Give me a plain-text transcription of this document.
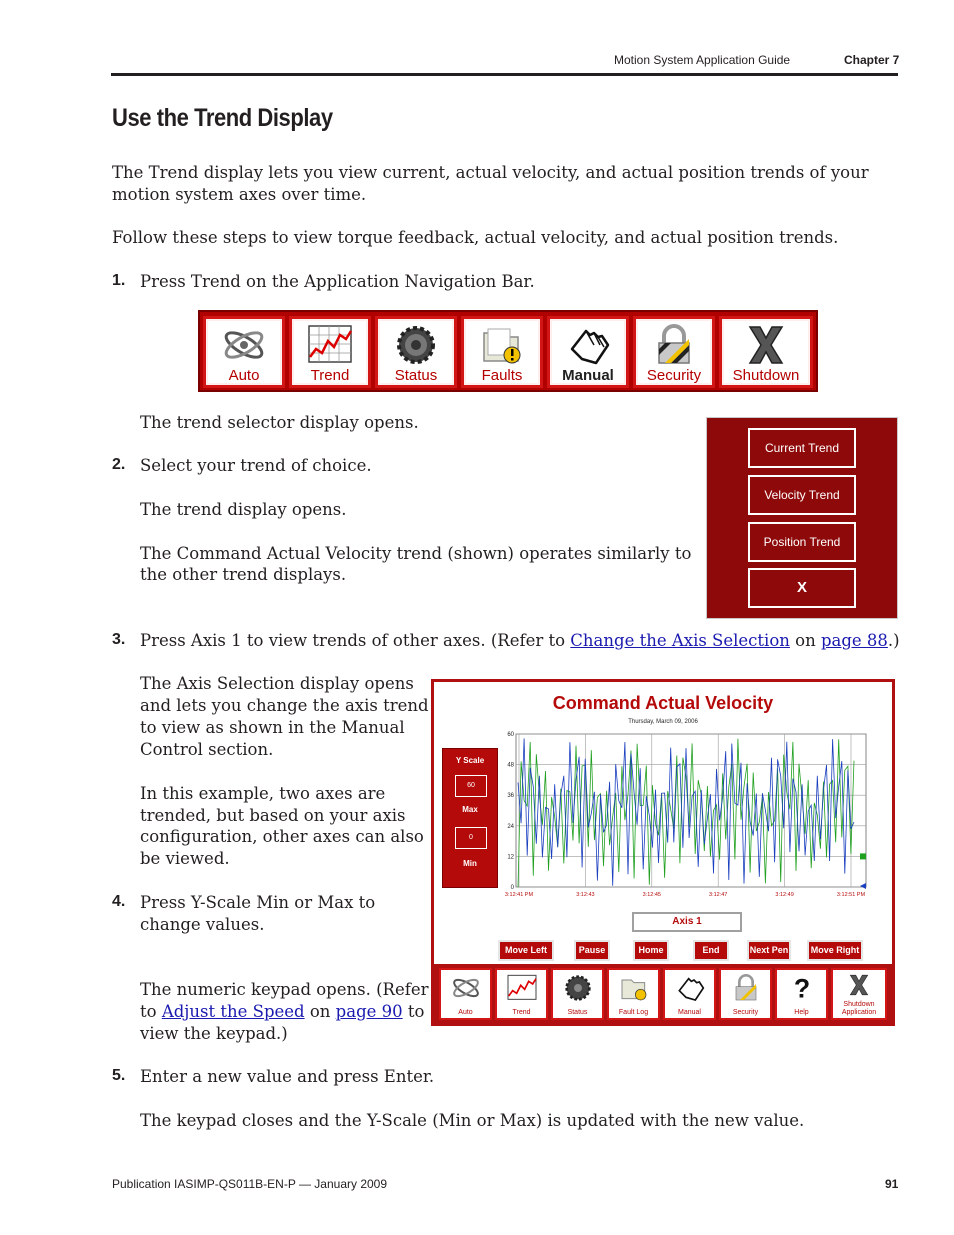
Motion System Application Guide	Chapter 7
Use the Trend Display
The Trend display lets you view current, actual velocity, and actual position trends of your
motion system axes over time.
Follow these steps to view torque feedback, actual velocity, and actual position trends.
1. Press Trend on the Application Navigation Bar.
Auto	Trend	Status	Faults	Manual	Security	Shutdown
The trend selector display opens.
Current Trend
Velocity Trend
Position Trend
X
2. Select your trend of choice.
The trend display opens.
The Command Actual Velocity trend (shown) operates similarly to
the other trend displays.
3. Press Axis 1 to view trends of other axes. (Refer to Change the Axis Selection on page 88.)
The Axis Selection display opens
and lets you change the axis trend
to view as shown in the Manual
Control section.
In this example, two axes are
trended, but based on your axis
configuration, other axes can also
be viewed.
4. Press Y-Scale Min or Max to
change values.
The numeric keypad opens. (Refer
to Adjust the Speed on page 90 to
view the keypad.)
Command Actual Velocity
Thursday, March 09, 2006
Y Scale
60
Max
0
Min
60
48
36
24
12
0
3:12:41 PM	3:12:43	3:12:45	3:12:47	3:12:49	3:12:51 PM
Axis 1
Move Left	Pause	Home	End	Next Pen	Move Right
Auto	Trend	Status	Fault Log	Manual	Security
?
Help
Shutdown Application
5. Enter a new value and press Enter.
The keypad closes and the Y-Scale (Min or Max) is updated with the new value.
Publication IASIMP-QS011B-EN-P — January 2009	91
